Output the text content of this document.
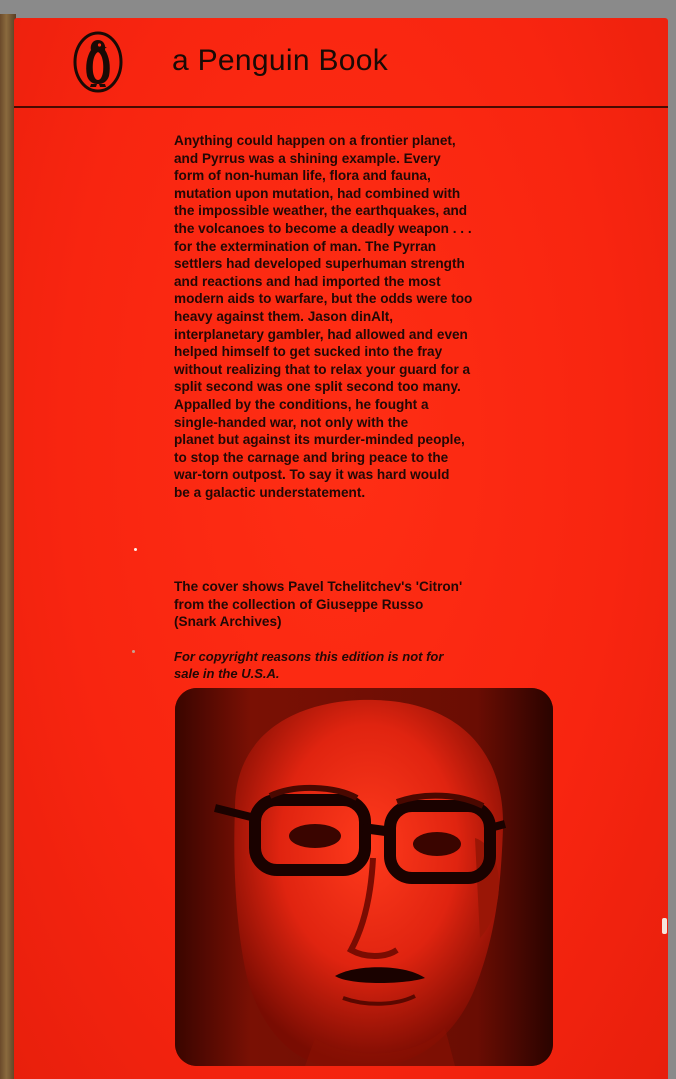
a Penguin Book

Anything could happen on a frontier planet,

and Pyrrus was a shining example. Every

form of non-human life, flora and fauna,

mutation upon mutation, had combined with

the impossible weather, the earthquakes, and

the volcanoes to become a deadly weapon . . .

for the extermination of man. The Pyrran

settlers had developed superhuman strength

and reactions and had imported the most

modern aids to warfare, but the odds were too

heavy against them. Jason dinAlt,

interplanetary gambler, had allowed and even

helped himself to get sucked into the fray

without realizing that to relax your guard for a

split second was one split second too many.

Appalled by the conditions, he fought a

single-handed war, not only with the

planet but against its murder-minded people,

to stop the carnage and bring peace to the

war-torn outpost. To say it was hard would

be a galactic understatement.

The cover shows Pavel Tchelitchev's 'Citron'

from the collection of Giuseppe Russo

(Snark Archives)

For copyright reasons this edition is not for

sale in the U.S.A.
